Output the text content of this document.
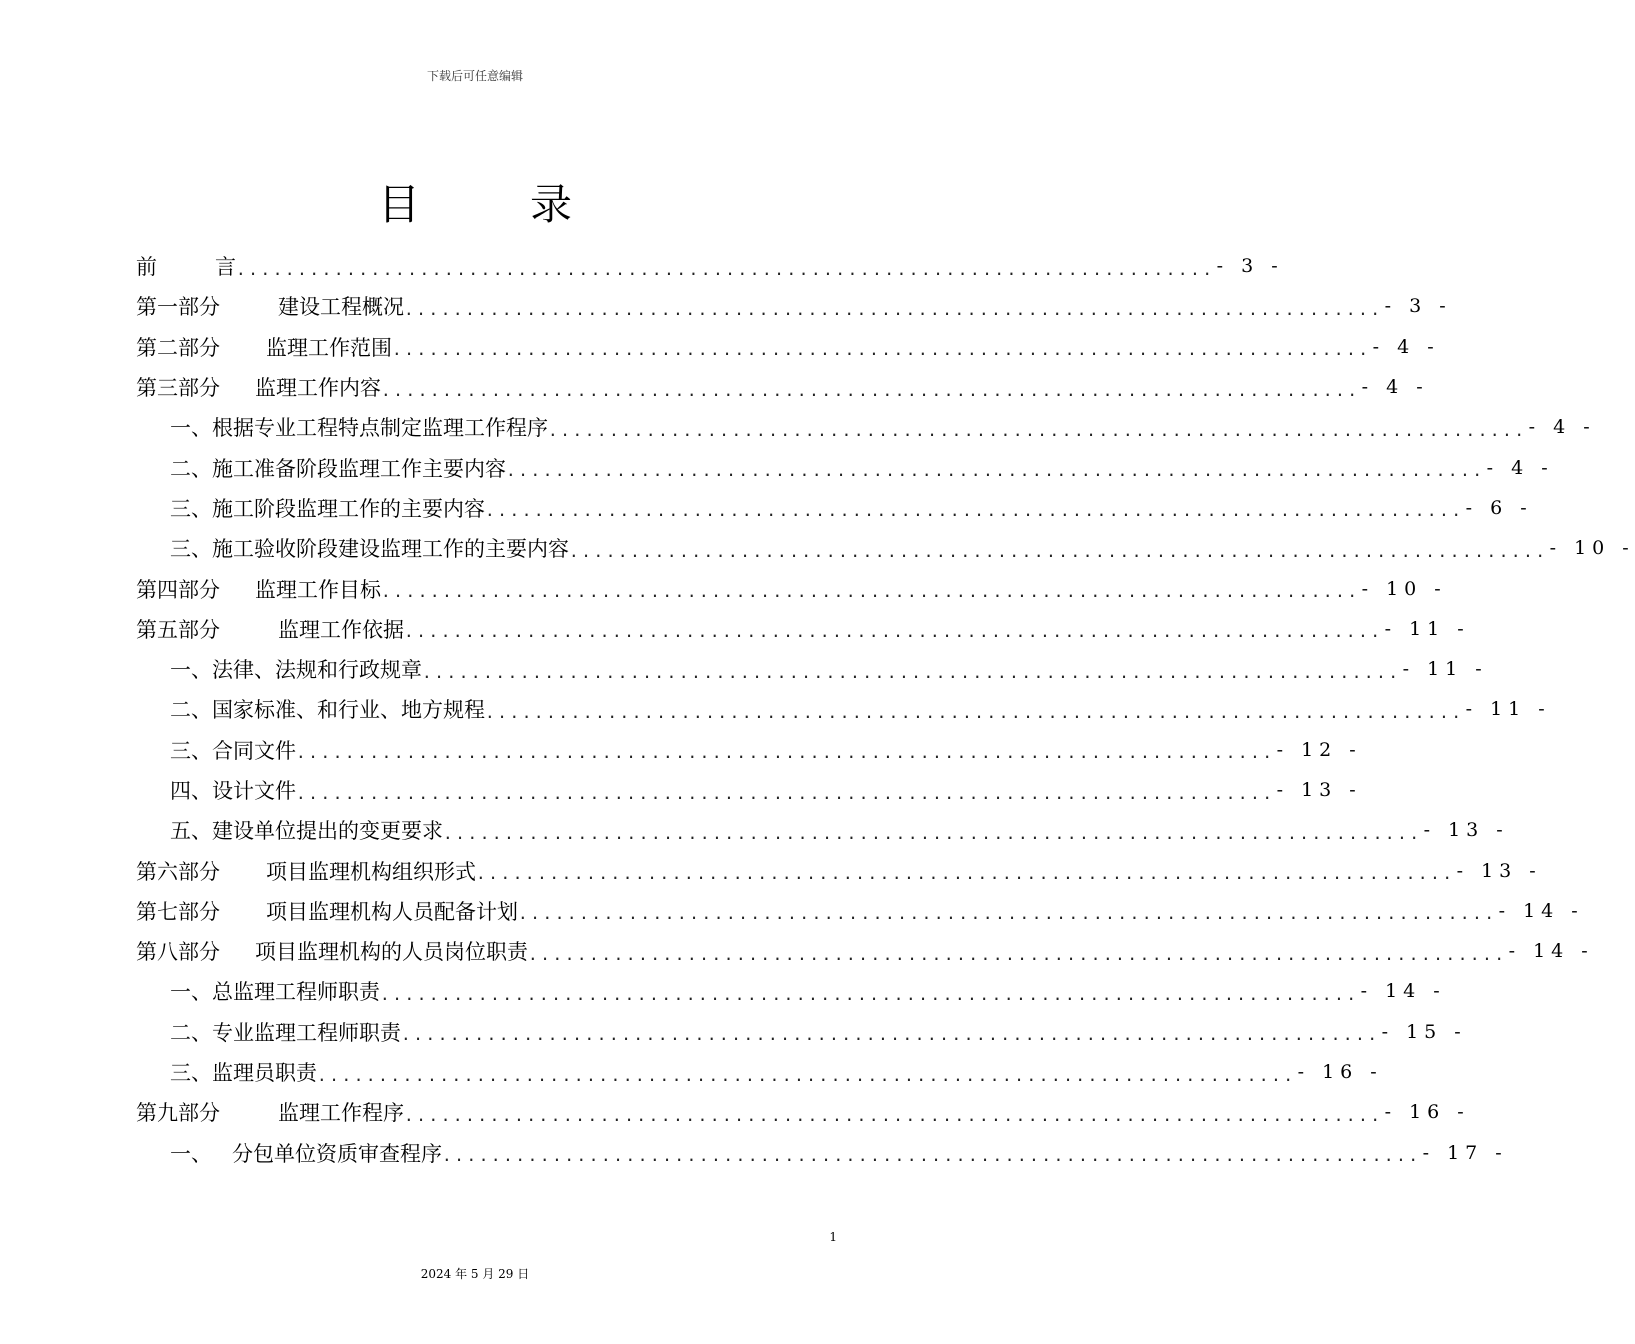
下载后可任意编辑
目	录
前	言 ................................................................................ - 3 -
第一部分	建设工程概况 ................................................................................ - 3 -
第二部分 监理工作范围 ................................................................................ - 4 -
第三部分 监理工作内容 ................................................................................ - 4 -
一、 根据专业工程特点制定监理工作程序 ................................................................................ - 4 -
二、 施工准备阶段监理工作主要内容 ................................................................................ - 4 -
三、 施工阶段监理工作的主要内容 ................................................................................ - 6 -
三、 施工验收阶段建设监理工作的主要内容 ................................................................................ - 10 -
第四部分 监理工作目标 ................................................................................ - 10 -
第五部分	监理工作依据 ................................................................................ - 11 -
一、 法律、法规和行政规章 ................................................................................ - 11 -
二、 国家标准、和行业、地方规程 ................................................................................ - 11 -
三、 合同文件 ................................................................................ - 12 -
四、 设计文件 ................................................................................ - 13 -
五、 建设单位提出的变更要求 ................................................................................ - 13 -
第六部分 项目监理机构组织形式 ................................................................................ - 13 -
第七部分 项目监理机构人员配备计划 ................................................................................ - 14 -
第八部分 项目监理机构的人员岗位职责 ................................................................................ - 14 -
一、 总监理工程师职责 ................................................................................ - 14 -
二、 专业监理工程师职责 ................................................................................ - 15 -
三、 监理员职责 ................................................................................ - 16 -
第九部分	监理工作程序 ................................................................................ - 16 -
一、 分包单位资质审查程序 ................................................................................ - 17 -
1
2024 年 5 月 29 日
